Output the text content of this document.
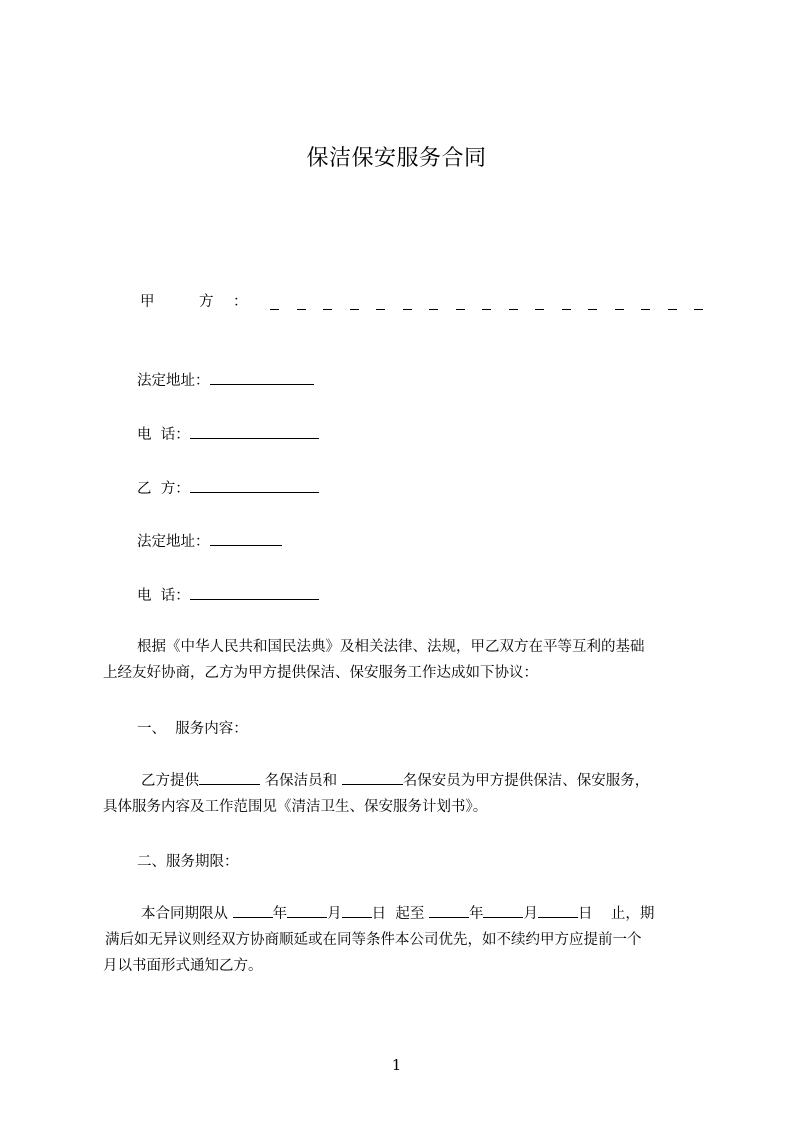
保洁保安服务合同
甲	方 ：
法定地址：
电  话：
乙  方：
法定地址：
电  话：
根据《中华人民共和国民法典》及相关法律、法规，甲乙双方在平等互利的基础
上经友好协商，乙方为甲方提供保洁、保安服务工作达成如下协议：
一、  服务内容：
乙方提供	名保洁员和	名保安员为甲方提供保洁、保安服务，
具体服务内容及工作范围见《清洁卫生、保安服务计划书》。
二、服务期限：
本合同期限从	年	月 日  起至	年	月	日    止，期
满后如无异议则经双方协商顺延或在同等条件本公司优先，如不续约甲方应提前一个
月以书面形式通知乙方。
1
